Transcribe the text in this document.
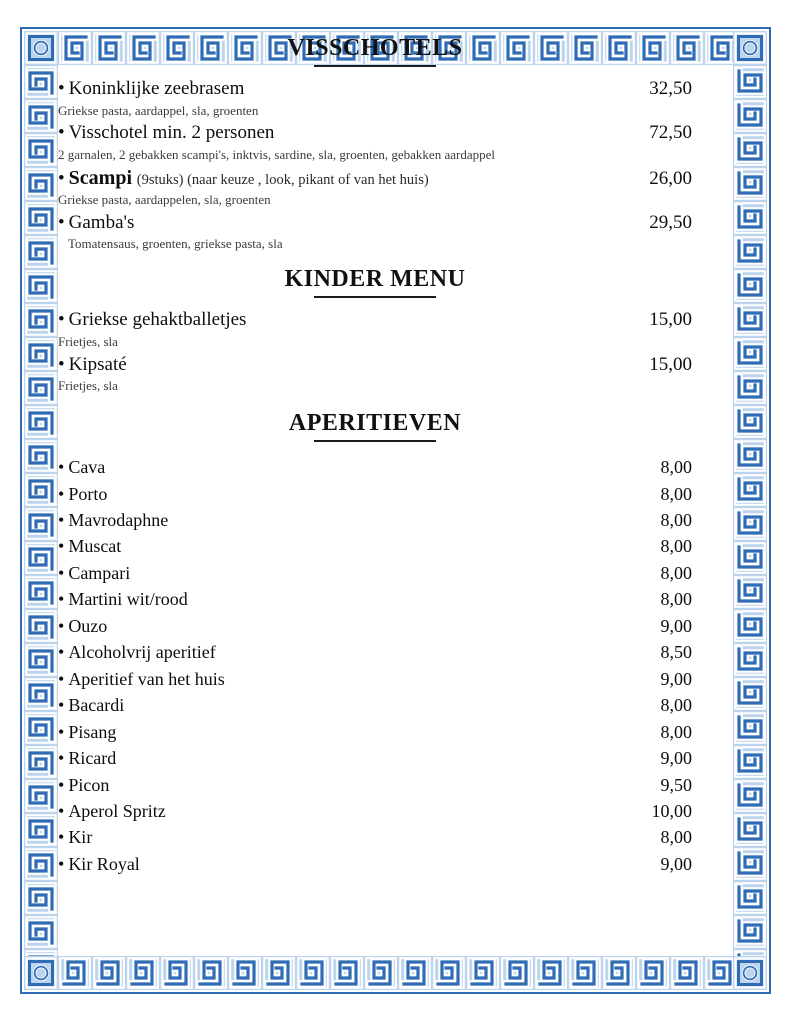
VISSCHOTELS
• Koninklijke zeebrasem	32,50
Griekse pasta, aardappel, sla, groenten
• Visschotel min. 2 personen	72,50
2 garnalen, 2 gebakken scampi's, inktvis, sardine, sla, groenten, gebakken aardappel
• Scampi (9stuks) (naar keuze , look, pikant of van het huis)	26,00
Griekse pasta, aardappelen, sla, groenten
• Gamba's	29,50
Tomatensaus, groenten, griekse pasta, sla
KINDER MENU
• Griekse gehaktballetjes	15,00
Frietjes, sla
• Kipsaté	15,00
Frietjes, sla
APERITIEVEN
• Cava	8,00
• Porto	8,00
• Mavrodaphne	8,00
• Muscat	8,00
• Campari	8,00
• Martini wit/rood	8,00
• Ouzo	9,00
• Alcoholvrij aperitief	8,50
• Aperitief van het huis	9,00
• Bacardi	8,00
• Pisang	8,00
• Ricard	9,00
• Picon	9,50
• Aperol Spritz	10,00
• Kir	8,00
• Kir Royal	9,00
